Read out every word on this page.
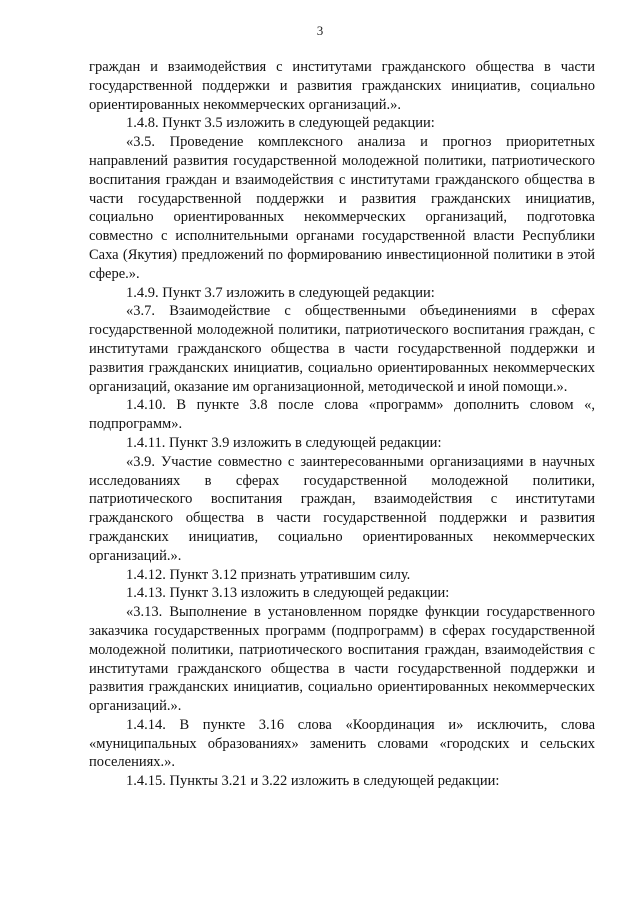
3

граждан и взаимодействия с институтами гражданского общества в части государственной поддержки и развития гражданских инициатив, социально ориентированных некоммерческих организаций.».

1.4.8. Пункт 3.5 изложить в следующей редакции:

«3.5. Проведение комплексного анализа и прогноз приоритетных направлений развития государственной молодежной политики, патриотического воспитания граждан и взаимодействия с институтами гражданского общества в части государственной поддержки и развития гражданских инициатив, социально ориентированных некоммерческих организаций, подготовка совместно с исполнительными органами государственной власти Республики Саха (Якутия) предложений по формированию инвестиционной политики в этой сфере.».

1.4.9. Пункт 3.7 изложить в следующей редакции:

«3.7. Взаимодействие с общественными объединениями в сферах государственной молодежной политики, патриотического воспитания граждан, с институтами гражданского общества в части государственной поддержки и развития гражданских инициатив, социально ориентированных некоммерческих организаций, оказание им организационной, методической и иной помощи.».

1.4.10. В пункте 3.8 после слова «программ» дополнить словом «, подпрограмм».

1.4.11. Пункт 3.9 изложить в следующей редакции:

«3.9. Участие совместно с заинтересованными организациями в научных исследованиях в сферах государственной молодежной политики, патриотического воспитания граждан, взаимодействия с институтами гражданского общества в части государственной поддержки и развития гражданских инициатив, социально ориентированных некоммерческих организаций.».

1.4.12. Пункт 3.12 признать утратившим силу.

1.4.13. Пункт 3.13 изложить в следующей редакции:

«3.13. Выполнение в установленном порядке функции государственного заказчика государственных программ (подпрограмм) в сферах государственной молодежной политики, патриотического воспитания граждан, взаимодействия с институтами гражданского общества в части государственной поддержки и развития гражданских инициатив, социально ориентированных некоммерческих организаций.».

1.4.14. В пункте 3.16 слова «Координация и» исключить, слова «муниципальных образованиях» заменить словами «городских и сельских поселениях.».

1.4.15. Пункты 3.21 и 3.22 изложить в следующей редакции:
